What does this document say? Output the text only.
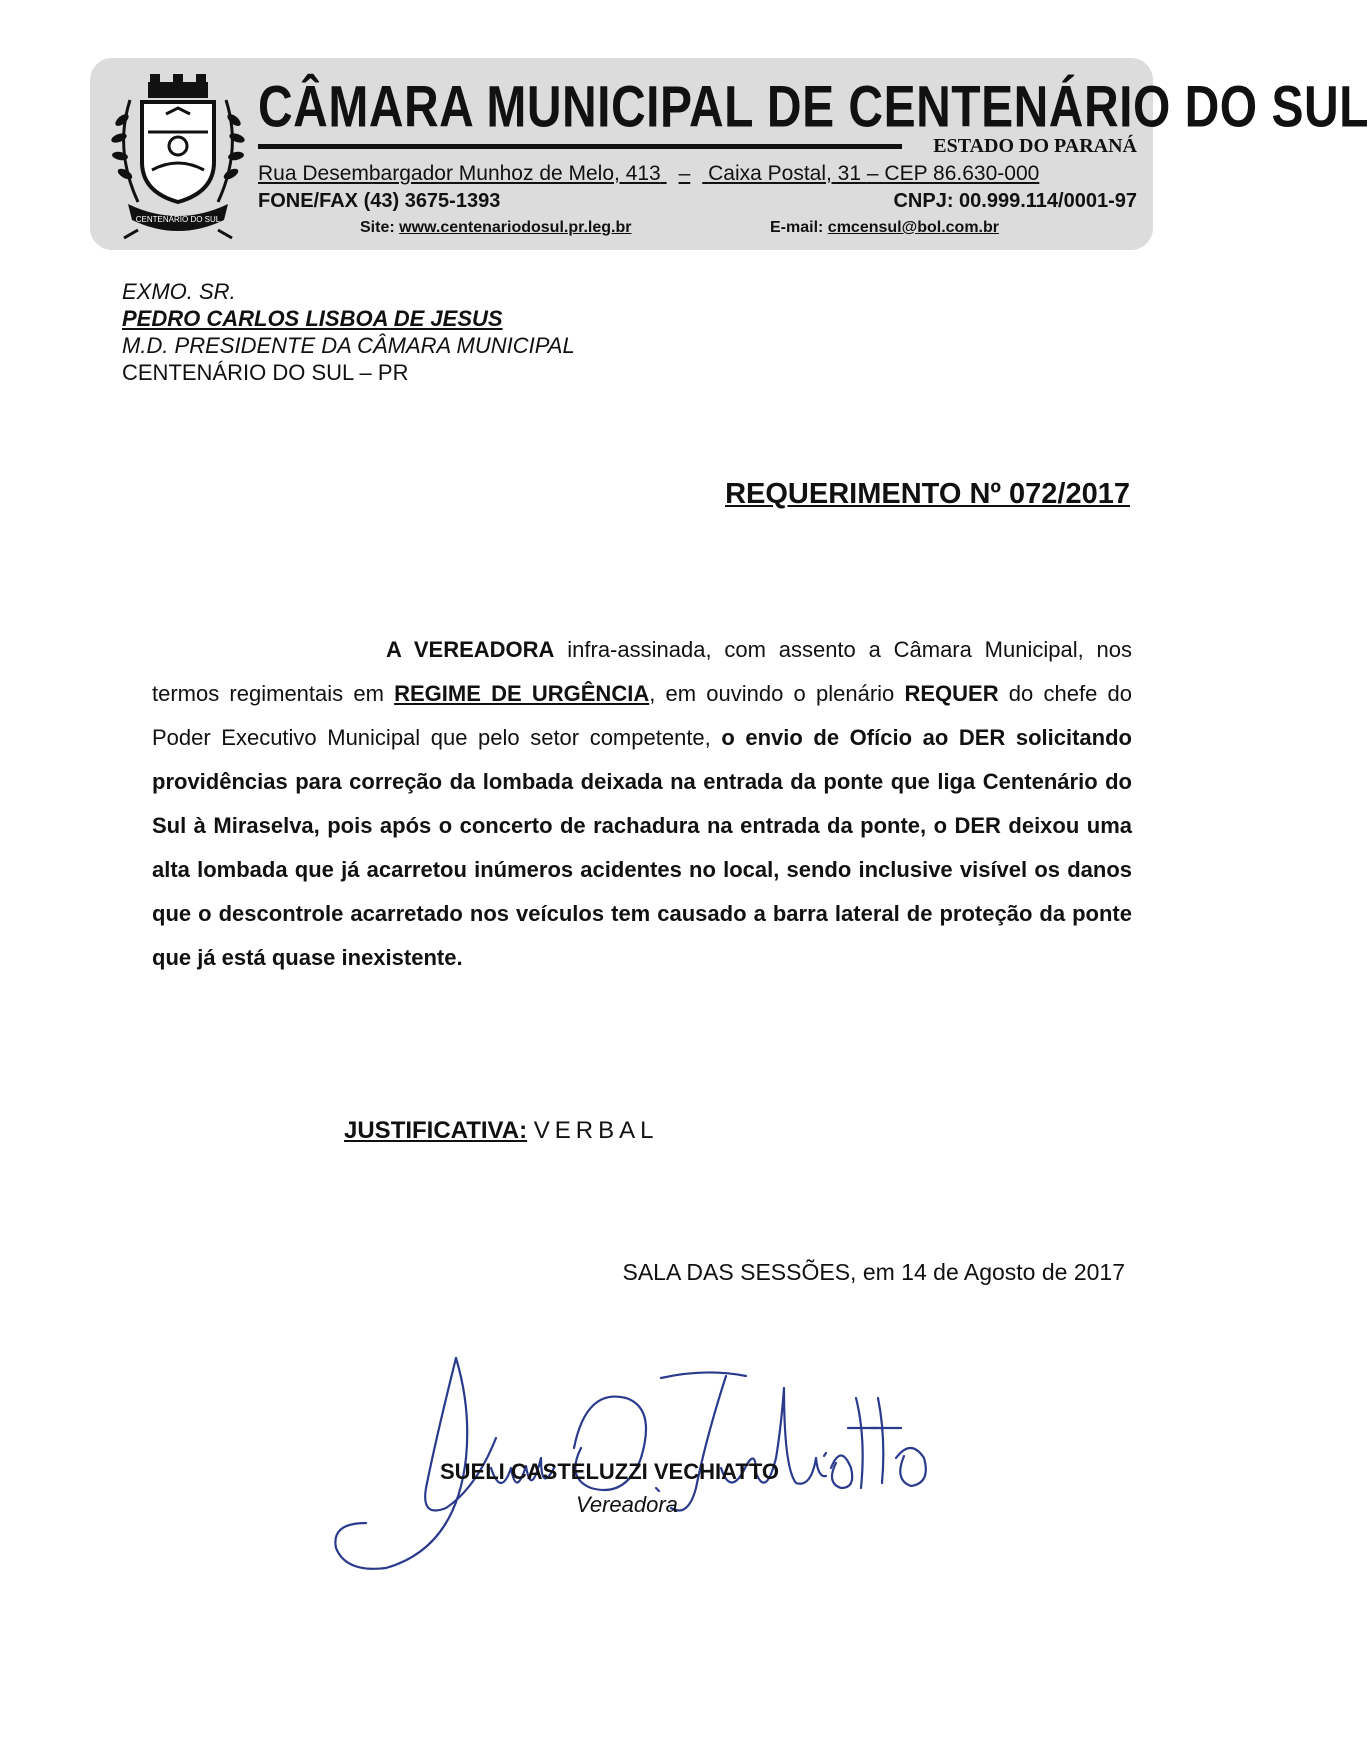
CENTENÁRIO DO SUL
CÂMARA MUNICIPAL DE CENTENÁRIO DO SUL
ESTADO DO PARANÁ
Rua Desembargador Munhoz de Melo, 413 – Caixa Postal, 31 – CEP 86.630-000
FONE/FAX (43) 3675-1393	CNPJ: 00.999.114/0001-97
Site: www.centenariodosul.pr.leg.br	E-mail: cmcensul@bol.com.br
EXMO. SR.
PEDRO CARLOS LISBOA DE JESUS
M.D. PRESIDENTE DA CÂMARA MUNICIPAL
CENTENÁRIO DO SUL – PR
REQUERIMENTO Nº 072/2017

A VEREADORA infra-assinada, com assento a Câmara Municipal, nos termos regimentais em REGIME DE URGÊNCIA, em ouvindo o plenário REQUER do chefe do Poder Executivo Municipal que pelo setor competente, o envio de Ofício ao DER solicitando providências para correção da lombada deixada na entrada da ponte que liga Centenário do Sul à Miraselva, pois após o concerto de rachadura na entrada da ponte, o DER deixou uma alta lombada que já acarretou inúmeros acidentes no local, sendo inclusive visível os danos que o descontrole acarretado nos veículos tem causado a barra lateral de proteção da ponte que já está quase inexistente.

JUSTIFICATIVA: VERBAL
SALA DAS SESSÕES, em 14 de Agosto de 2017
SUELI CASTELUZZI VECHIATTO
Vereadora
